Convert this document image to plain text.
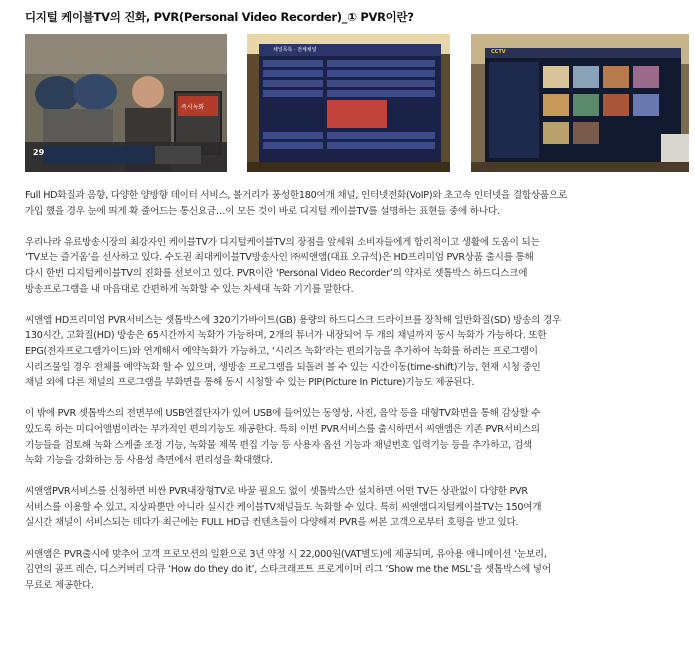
디지털 케이블TV의 진화, PVR(Personal Video Recorder)_① PVR이란?
즉시녹화
29
채널목록 · 전체채널	CCTV

Full HD화질과 음향, 다양한 양방향 데이터 서비스, 볼거리가 풍성한180여개 채널, 인터넷전화(VoIP)와 초고속 인터넷을 결합상품으로
가입 했을 경우 눈에 띄게 확 줄어드는 통신요금…이 모든 것이 바로 디지털 케이블TV를 설명하는 표현들 중에 하나다.

우리나라 유료방송시장의 최강자인 케이블TV가 디지털케이블TV의 장점을 앞세워 소비자들에게 합리적이고 생활에 도움이 되는
‘TV보는 즐거움’을 선사하고 있다. 수도권 최대케이블TV방송사인 ㈜씨앤앰(대표 오규석)은 HD프리미엄 PVR상품 출시를 통해
다시 한번 디지털케이블TV의 진화를 선보이고 있다. PVR이란 ‘Personal Video Recorder’의 약자로 셋톱박스 하드디스크에
방송프로그램을 내 마음대로 간편하게 녹화할 수 있는 차세대 녹화 기기를 말한다.

씨앤앰 HD프리미엄 PVR서비스는 셋톱박스에 320기가바이트(GB) 용량의 하드디스크 드라이브를 장착해 일반화질(SD) 방송의 경우
130시간, 고화질(HD) 방송은 65시간까지 녹화가 가능하며, 2개의 튜너가 내장되어 두 개의 채널까지 동시 녹화가 가능하다. 또한
EPG(전자프로그램가이드)와 연계해서 예약녹화가 가능하고, ‘시리즈 녹화’라는 편의기능을 추가하여 녹화를 하려는 프로그램이
시리즈물일 경우 전체를 예약녹화 할 수 있으며, 생방송 프로그램을 되돌려 볼 수 있는 시간이동(time-shift)기능, 현재 시청 중인
채널 외에 다른 채널의 프로그램을 부화면을 통해 동시 시청할 수 있는 PIP(Picture In Picture)기능도 제공된다.

이 밖에 PVR 셋톱박스의 전면부에 USB연결단자가 있어 USB에 들어있는 동영상, 사진, 음악 등을 대형TV화면을 통해 감상할 수
있도록 하는 미디어앨범이라는 부가적인 편의기능도 제공한다. 특히 이번 PVR서비스를 출시하면서 씨앤앰은 기존 PVR서비스의
기능들을 검토해 녹화 스케줄 조정 기능, 녹화물 제목 편집 기능 등 사용자 옵션 기능과 채널번호 입력기능 등을 추가하고, 검색
녹화 기능을 강화하는 등 사용성 측면에서 편리성을 확대했다.

씨앤앰PVR서비스를 신청하면 비싼 PVR내장형TV로 바꿀 필요도 없이 셋톱박스만 설치하면 어떤 TV든 상관없이 다양한 PVR
서비스를 이용할 수 있고, 지상파뿐만 아니라 실시간 케이블TV채널들도 녹화할 수 있다. 특히 씨앤앰디지털케이블TV는 150여개
실시간 채널이 서비스되는 데다가 최근에는 FULL HD급 컨텐츠들이 다양해져 PVR을 써본 고객으로부터 호평을 받고 있다.

씨앤앰은 PVR출시에 맞추어 고객 프로모션의 일환으로 3년 약정 시 22,000원(VAT별도)에 제공되며, 유아용 애니메이션 ‘눈보리,
김연의 골프 레슨, 디스커버리 다큐 ‘How do they do it’, 스타크래프트 프로게이머 리그 ‘Show me the MSL’을 셋톱박스에 넣어
무료로 제공한다.
